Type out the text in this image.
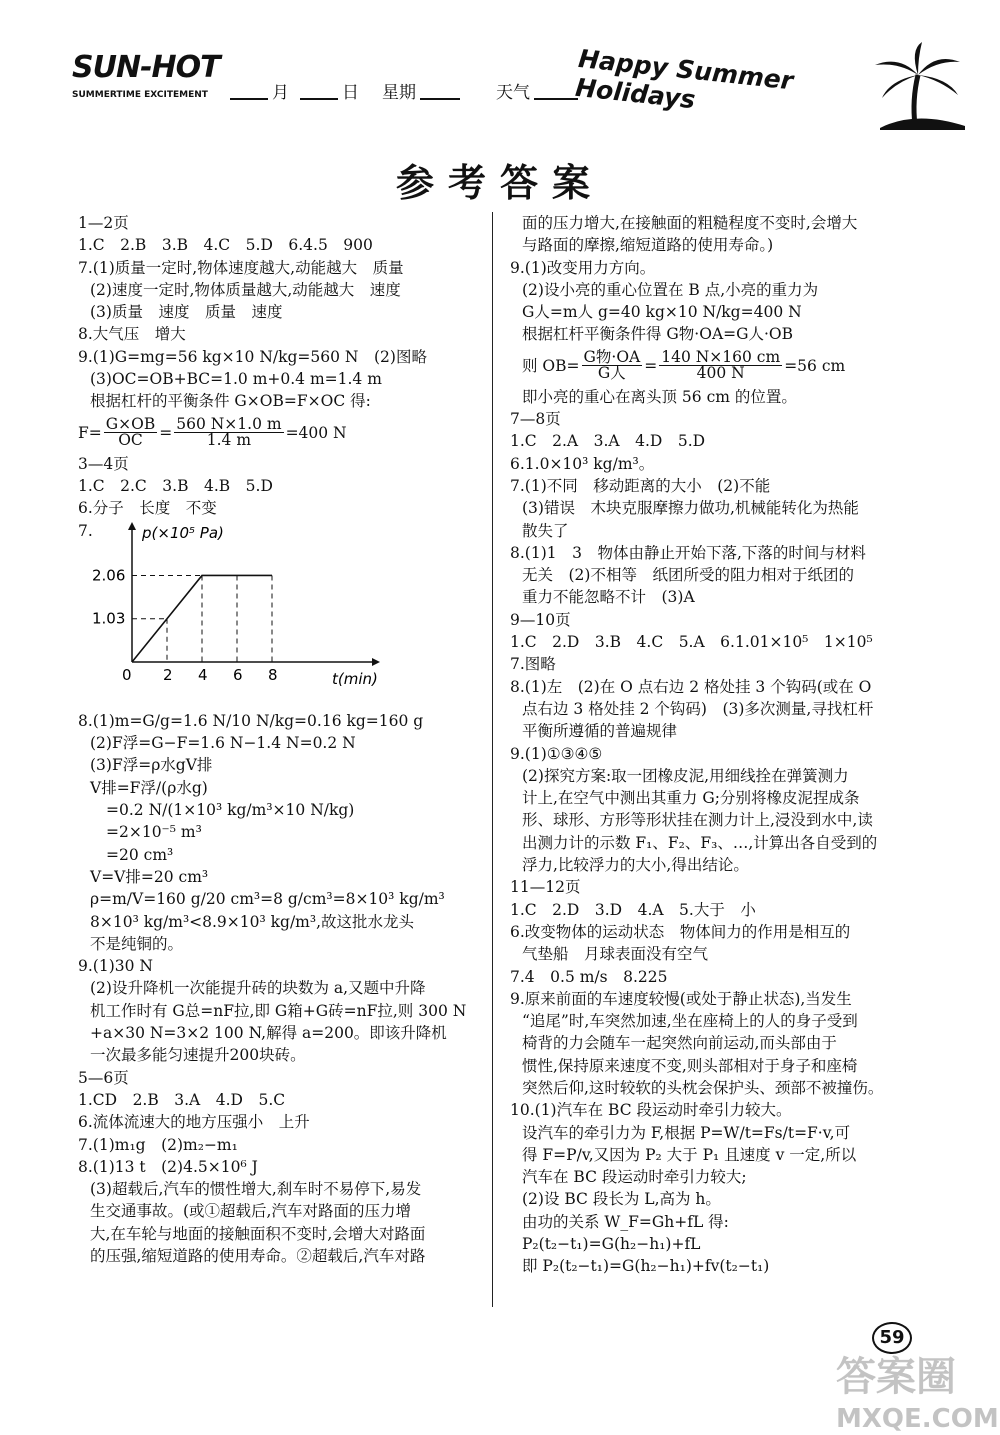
SUN-HOT
SUMMERTIME EXCITEMENT	月	日 星期	天气	Happy Summer Holidays
参考答案
1—2页
1.C　2.B　3.B　4.C　5.D　6.4.5　900
7.(1)质量一定时,物体速度越大,动能越大　质量
(2)速度一定时,物体质量越大,动能越大　速度
(3)质量　速度　质量　速度
8.大气压　增大
9.(1)G=mg=56 kg×10 N/kg=560 N　(2)图略
(3)OC=OB+BC=1.0 m+0.4 m=1.4 m
根据杠杆的平衡条件 G×OB=F×OC 得:
$F= \frac{G\times OB}{OC} = \frac{560 N\times 1.0 m}{1.4 m} =400$ N
3—4页
1.C　2.C　3.B　4.B　5.D
6.分子　长度　不变
7.
8.(1)m=G/g=1.6 N/10 N/kg=0.16 kg=160 g
(2)F浮=G−F=1.6 N−1.4 N=0.2 N
(3)F浮=ρ水gV排
V排=F浮/(ρ水g)
=0.2 N/(1×10³ kg/m³×10 N/kg)
=2×10⁻⁵ m³
=20 cm³
V=V排=20 cm³
ρ=m/V=160 g/20 cm³=8 g/cm³=8×10³ kg/m³
8×10³ kg/m³<8.9×10³ kg/m³,故这批水龙头
不是纯铜的。
9.(1)30 N
(2)设升降机一次能提升砖的块数为 a,又题中升降
机工作时有 G总=nF拉,即 G箱+G砖=nF拉,则 300 N
+a×30 N=3×2 100 N,解得 a=200。即该升降机
一次最多能匀速提升200块砖。
5—6页
1.CD　2.B　3.A　4.D　5.C
6.流体流速大的地方压强小　上升
7.(1)m₁g　(2)m₂−m₁
8.(1)13 t　(2)4.5×10⁶ J
(3)超载后,汽车的惯性增大,刹车时不易停下,易发
生交通事故。(或①超载后,汽车对路面的压力增
大,在车轮与地面的接触面积不变时,会增大对路面
的压强,缩短道路的使用寿命。②超载后,汽车对路
0 2 4 6 8
1.03
2.06
p(×10⁵ Pa)
t(min)
面的压力增大,在接触面的粗糙程度不变时,会增大
与路面的摩擦,缩短道路的使用寿命。)
9.(1)改变用力方向。
(2)设小亮的重心位置在 B 点,小亮的重力为
G人=m人 g=40 kg×10 N/kg=400 N
根据杠杆平衡条件得 G物·OA=G人·OB
则 $OB= \frac{\text{G物·OA}}{\text{G人}} = \frac{140 N\times 160 cm}{400 N} =56$ cm
即小亮的重心在离头顶 56 cm 的位置。
7—8页
1.C　2.A　3.A　4.D　5.D
6.1.0×10³ kg/m³。
7.(1)不同　移动距离的大小　(2)不能
(3)错误　木块克服摩擦力做功,机械能转化为热能
散失了
8.(1)1　3　物体由静止开始下落,下落的时间与材料
无关　(2)不相等　纸团所受的阻力相对于纸团的
重力不能忽略不计　(3)A
9—10页
1.C　2.D　3.B　4.C　5.A　6.1.01×10⁵　1×10⁵
7.图略
8.(1)左　(2)在 O 点右边 2 格处挂 3 个钩码(或在 O
点右边 3 格处挂 2 个钩码)　(3)多次测量,寻找杠杆
平衡所遵循的普遍规律
9.(1)①③④⑤
(2)探究方案:取一团橡皮泥,用细线拴在弹簧测力
计上,在空气中测出其重力 G;分别将橡皮泥捏成条
形、球形、方形等形状挂在测力计上,浸没到水中,读
出测力计的示数 F₁、F₂、F₃、…,计算出各自受到的
浮力,比较浮力的大小,得出结论。
11—12页
1.C　2.D　3.D　4.A　5.大于　小
6.改变物体的运动状态　物体间力的作用是相互的
气垫船　月球表面没有空气
7.4　0.5 m/s　8.225
9.原来前面的车速度较慢(或处于静止状态),当发生
“追尾”时,车突然加速,坐在座椅上的人的身子受到
椅背的力会随车一起突然向前运动,而头部由于
惯性,保持原来速度不变,则头部相对于身子和座椅
突然后仰,这时较软的头枕会保护头、颈部不被撞伤。
10.(1)汽车在 BC 段运动时牵引力较大。
设汽车的牵引力为 F,根据 P=W/t=Fs/t=F·v,可
得 F=P/v,又因为 P₂ 大于 P₁ 且速度 v 一定,所以
汽车在 BC 段运动时牵引力较大;
(2)设 BC 段长为 L,高为 h。
由功的关系 W_F=Gh+fL 得:
P₂(t₂−t₁)=G(h₂−h₁)+fL
即 P₂(t₂−t₁)=G(h₂−h₁)+fv(t₂−t₁)
59
答案圈
MXQE.COM
